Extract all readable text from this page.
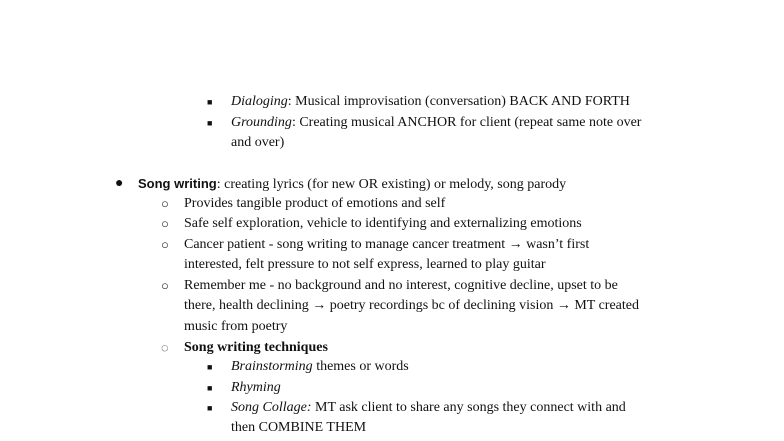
■ Dialoging: Musical improvisation (conversation) BACK AND FORTH
■ Grounding: Creating musical ANCHOR for client (repeat same note over
and over)
● Song writing: creating lyrics (for new OR existing) or melody, song parody
○ Provides tangible product of emotions and self
○ Safe self exploration, vehicle to identifying and externalizing emotions
○ Cancer patient - song writing to manage cancer treatment → wasn’t first
interested, felt pressure to not self express, learned to play guitar
○ Remember me - no background and no interest, cognitive decline, upset to be
there, health declining → poetry recordings bc of declining vision → MT created
music from poetry
◌ Song writing techniques
■ Brainstorming themes or words
■ Rhyming
■ Song Collage: MT ask client to share any songs they connect with and
then COMBINE THEM
